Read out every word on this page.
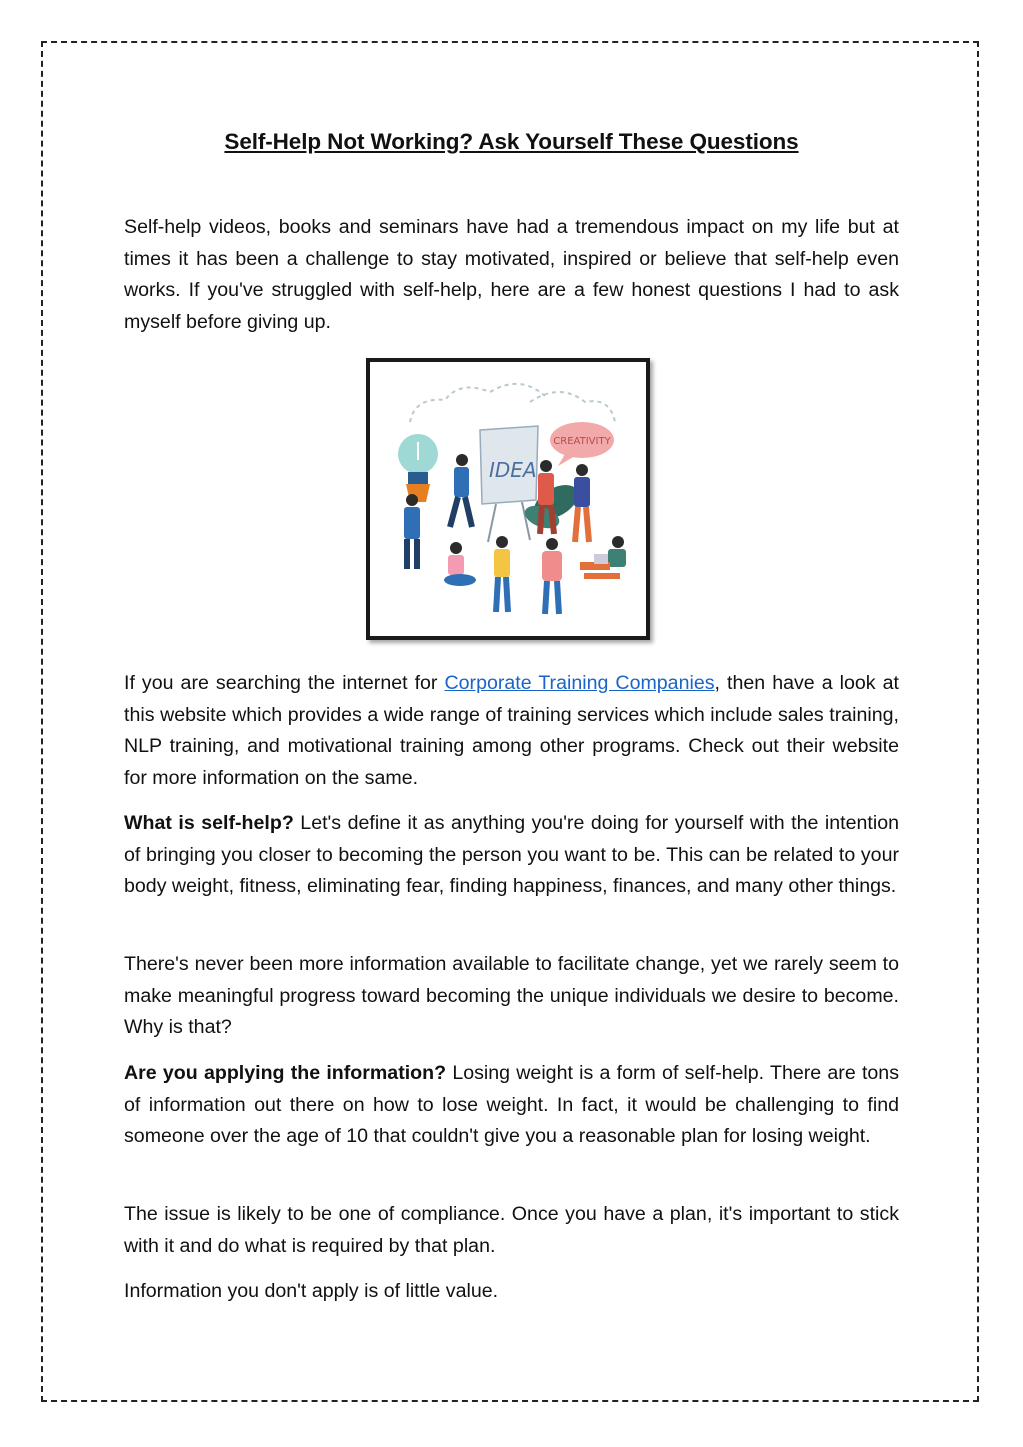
Self-Help Not Working? Ask Yourself These Questions

Self-help videos, books and seminars have had a tremendous impact on my life but at times it has been a challenge to stay motivated, inspired or believe that self-help even works. If you've struggled with self-help, here are a few honest questions I had to ask myself before giving up.

IDEA
CREATIVITY

If you are searching the internet for Corporate Training Companies, then have a look at this website which provides a wide range of training services which include sales training, NLP training, and motivational training among other programs. Check out their website for more information on the same.

What is self-help? Let's define it as anything you're doing for yourself with the intention of bringing you closer to becoming the person you want to be. This can be related to your body weight, fitness, eliminating fear, finding happiness, finances, and many other things.

There's never been more information available to facilitate change, yet we rarely seem to make meaningful progress toward becoming the unique individuals we desire to become. Why is that?

Are you applying the information? Losing weight is a form of self-help. There are tons of information out there on how to lose weight. In fact, it would be challenging to find someone over the age of 10 that couldn't give you a reasonable plan for losing weight.

The issue is likely to be one of compliance. Once you have a plan, it's important to stick with it and do what is required by that plan.

Information you don't apply is of little value.
